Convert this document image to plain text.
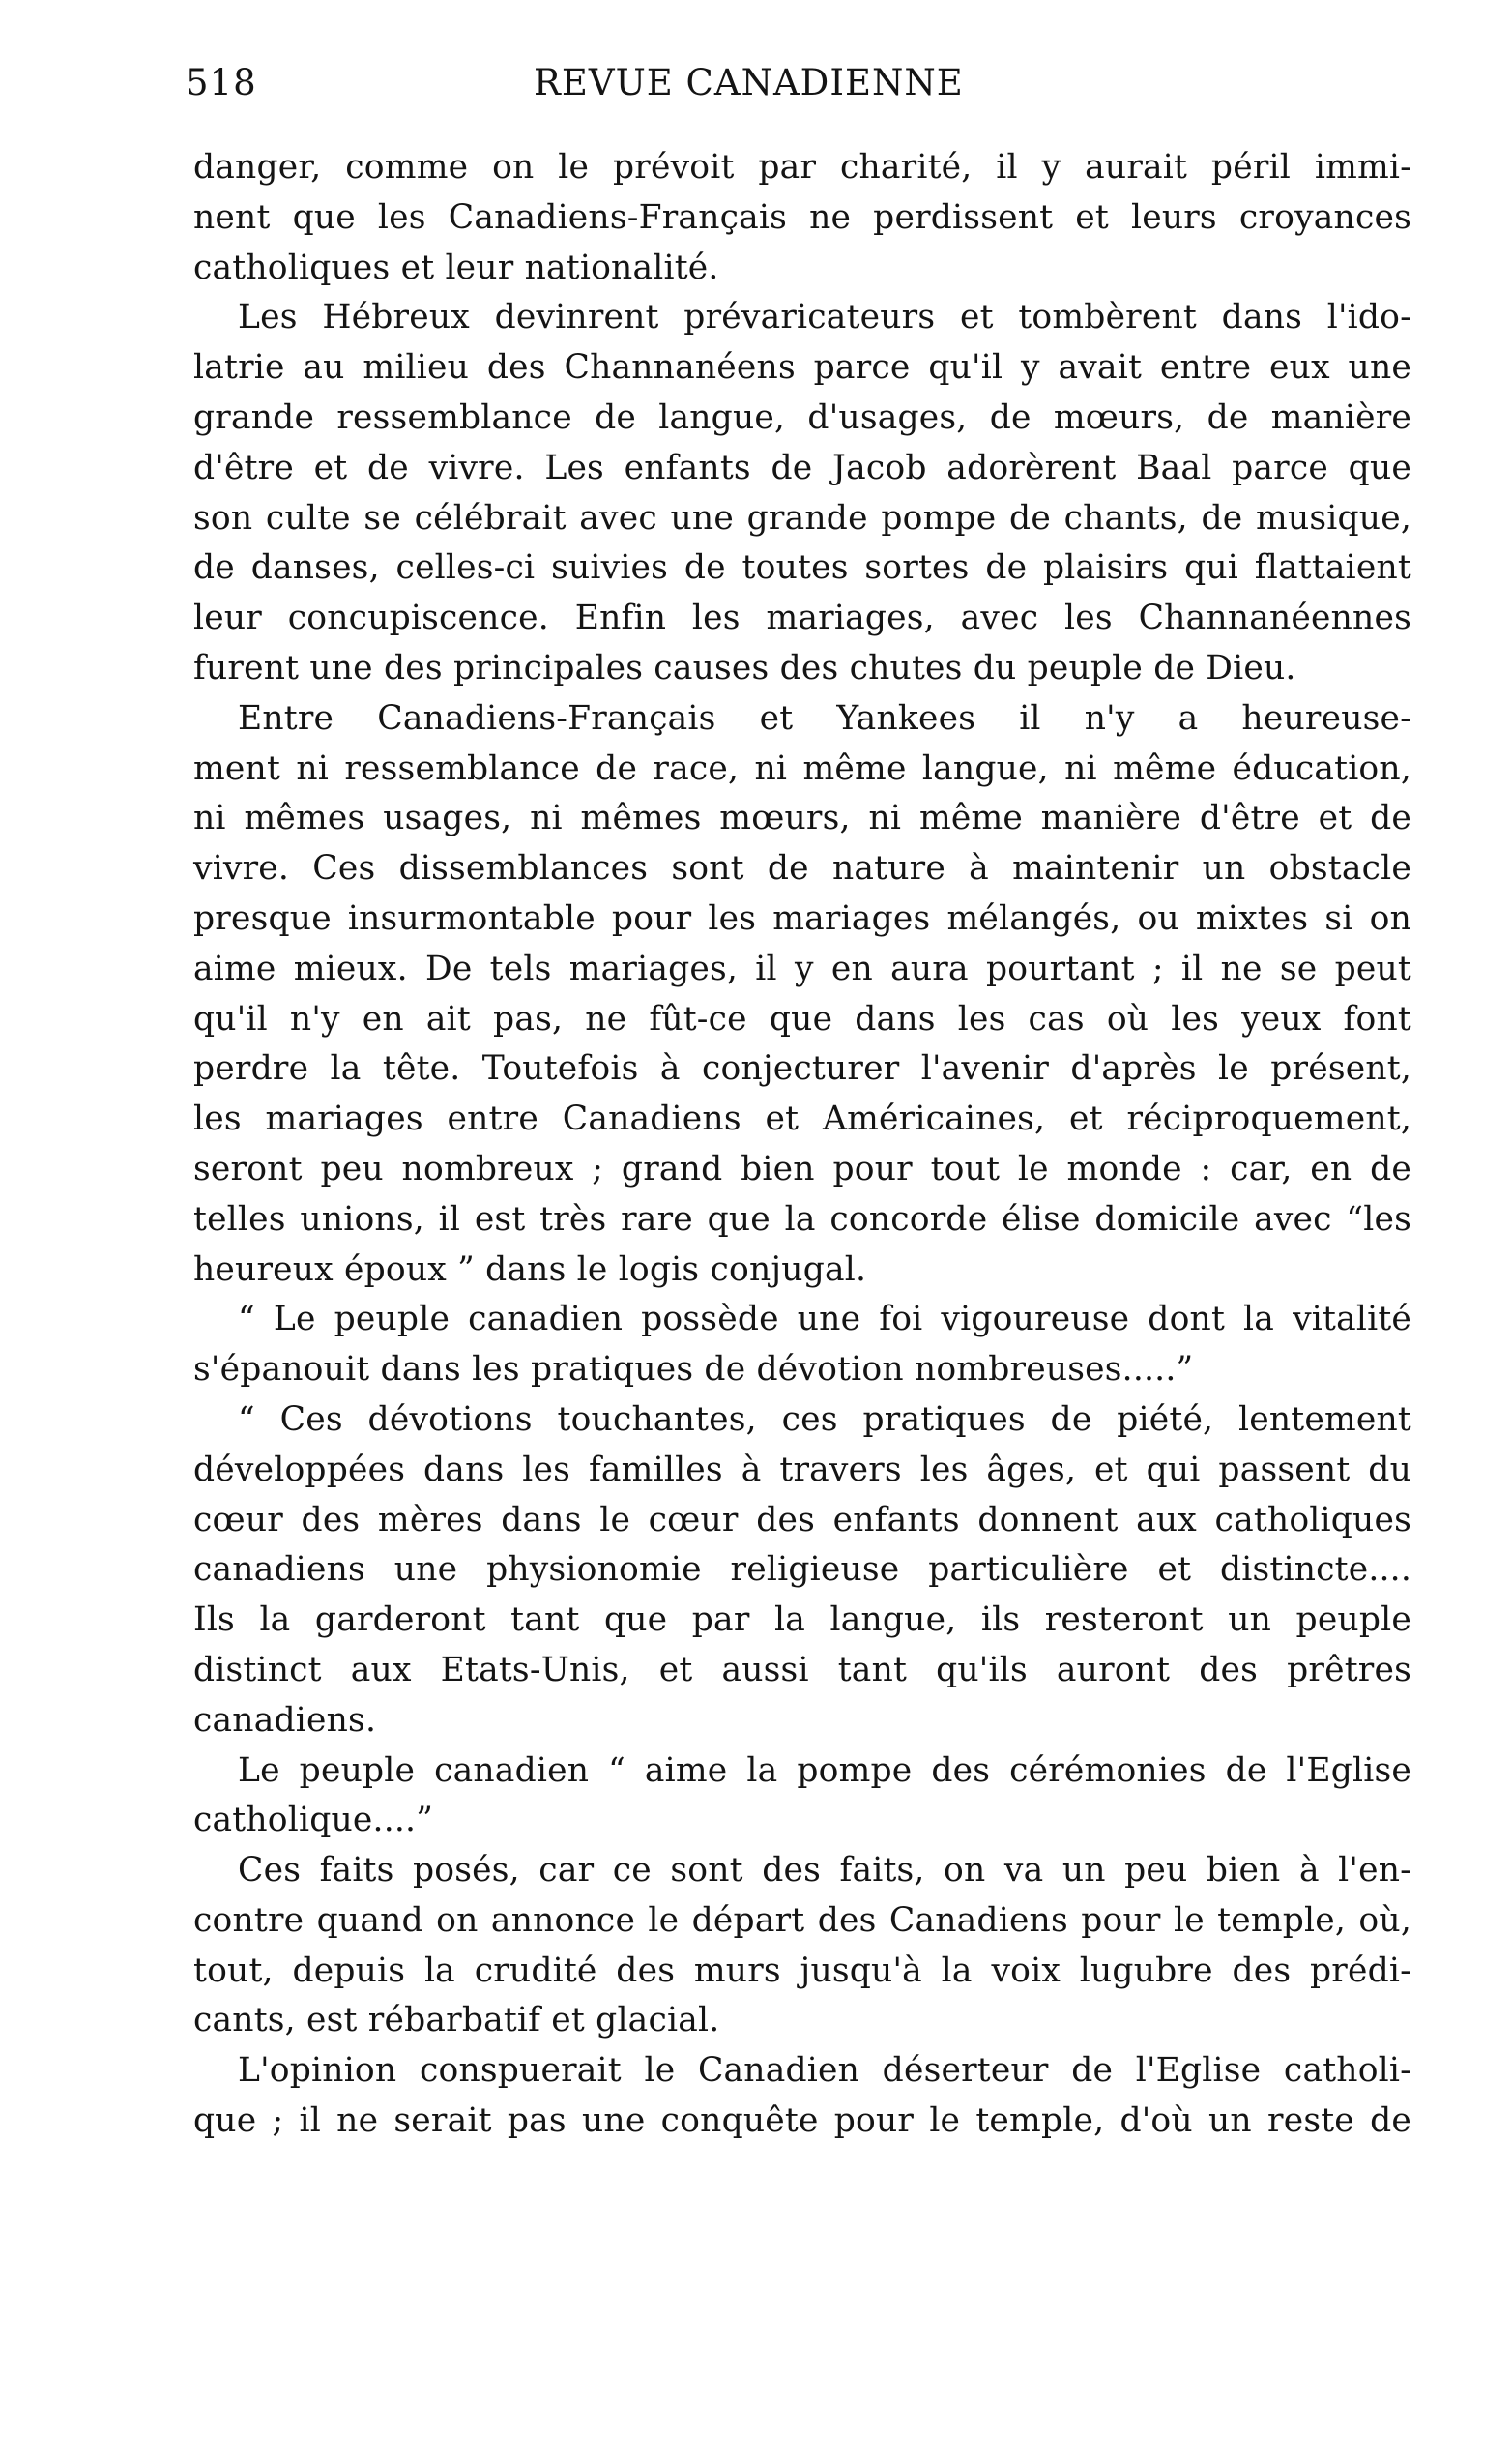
518	REVUE CANADIENNE
danger, comme on le prévoit par charité, il y aurait péril immi-
nent que les Canadiens-Français ne perdissent et leurs croyances
catholiques et leur nationalité.
Les Hébreux devinrent prévaricateurs et tombèrent dans l'ido-
latrie au milieu des Channanéens parce qu'il y avait entre eux une
grande ressemblance de langue, d'usages, de mœurs, de manière
d'être et de vivre. Les enfants de Jacob adorèrent Baal parce que
son culte se célébrait avec une grande pompe de chants, de musique,
de danses, celles-ci suivies de toutes sortes de plaisirs qui flattaient
leur concupiscence. Enfin les mariages, avec les Channanéennes
furent une des principales causes des chutes du peuple de Dieu.
Entre Canadiens-Français et Yankees il n'y a heureuse-
ment ni ressemblance de race, ni même langue, ni même éducation,
ni mêmes usages, ni mêmes mœurs, ni même manière d'être et de
vivre. Ces dissemblances sont de nature à maintenir un obstacle
presque insurmontable pour les mariages mélangés, ou mixtes si on
aime mieux. De tels mariages, il y en aura pourtant ; il ne se peut
qu'il n'y en ait pas, ne fût-ce que dans les cas où les yeux font
perdre la tête. Toutefois à conjecturer l'avenir d'après le présent,
les mariages entre Canadiens et Américaines, et réciproquement,
seront peu nombreux ; grand bien pour tout le monde : car, en de
telles unions, il est très rare que la concorde élise domicile avec “les
heureux époux ” dans le logis conjugal.
“ Le peuple canadien possède une foi vigoureuse dont la vitalité
s'épanouit dans les pratiques de dévotion nombreuses.....”
“ Ces dévotions touchantes, ces pratiques de piété, lentement
développées dans les familles à travers les âges, et qui passent du
cœur des mères dans le cœur des enfants donnent aux catholiques
canadiens une physionomie religieuse particulière et distincte....
Ils la garderont tant que par la langue, ils resteront un peuple
distinct aux Etats-Unis, et aussi tant qu'ils auront des prêtres
canadiens.
Le peuple canadien “ aime la pompe des cérémonies de l'Eglise
catholique....”
Ces faits posés, car ce sont des faits, on va un peu bien à l'en-
contre quand on annonce le départ des Canadiens pour le temple, où,
tout, depuis la crudité des murs jusqu'à la voix lugubre des prédi-
cants, est rébarbatif et glacial.
L'opinion conspuerait le Canadien déserteur de l'Eglise catholi-
que ; il ne serait pas une conquête pour le temple, d'où un reste de
